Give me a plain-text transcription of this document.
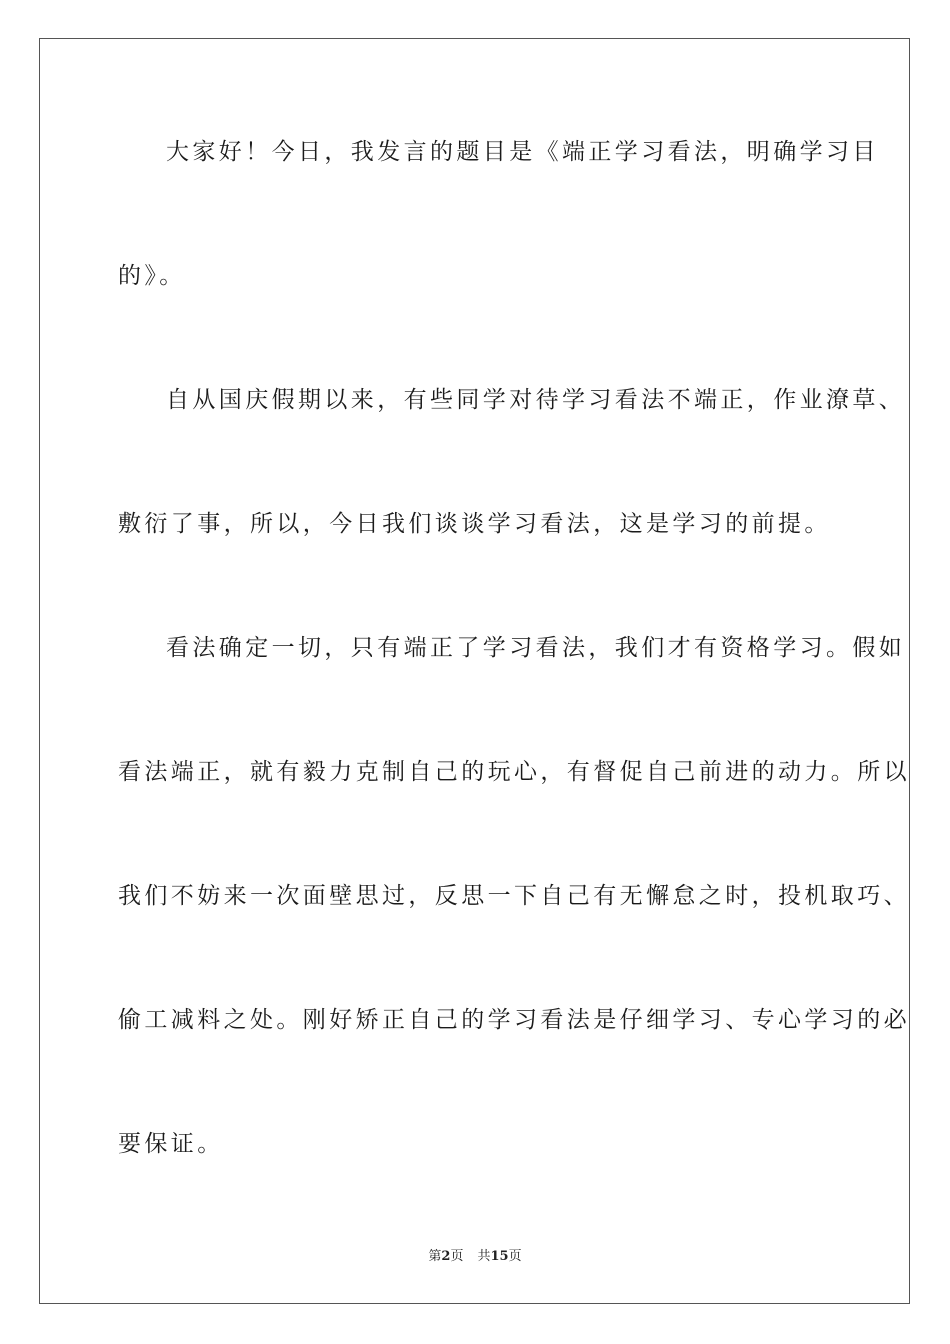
大家好！今日，我发言的题目是《端正学习看法，明确学习目
的》。
自从国庆假期以来，有些同学对待学习看法不端正，作业潦草、
敷衍了事，所以，今日我们谈谈学习看法，这是学习的前提。
看法确定一切，只有端正了学习看法，我们才有资格学习。假如
看法端正，就有毅力克制自己的玩心，有督促自己前进的动力。所以
我们不妨来一次面壁思过，反思一下自己有无懈怠之时，投机取巧、
偷工减料之处。刚好矫正自己的学习看法是仔细学习、专心学习的必
要保证。
第2页 共15页
